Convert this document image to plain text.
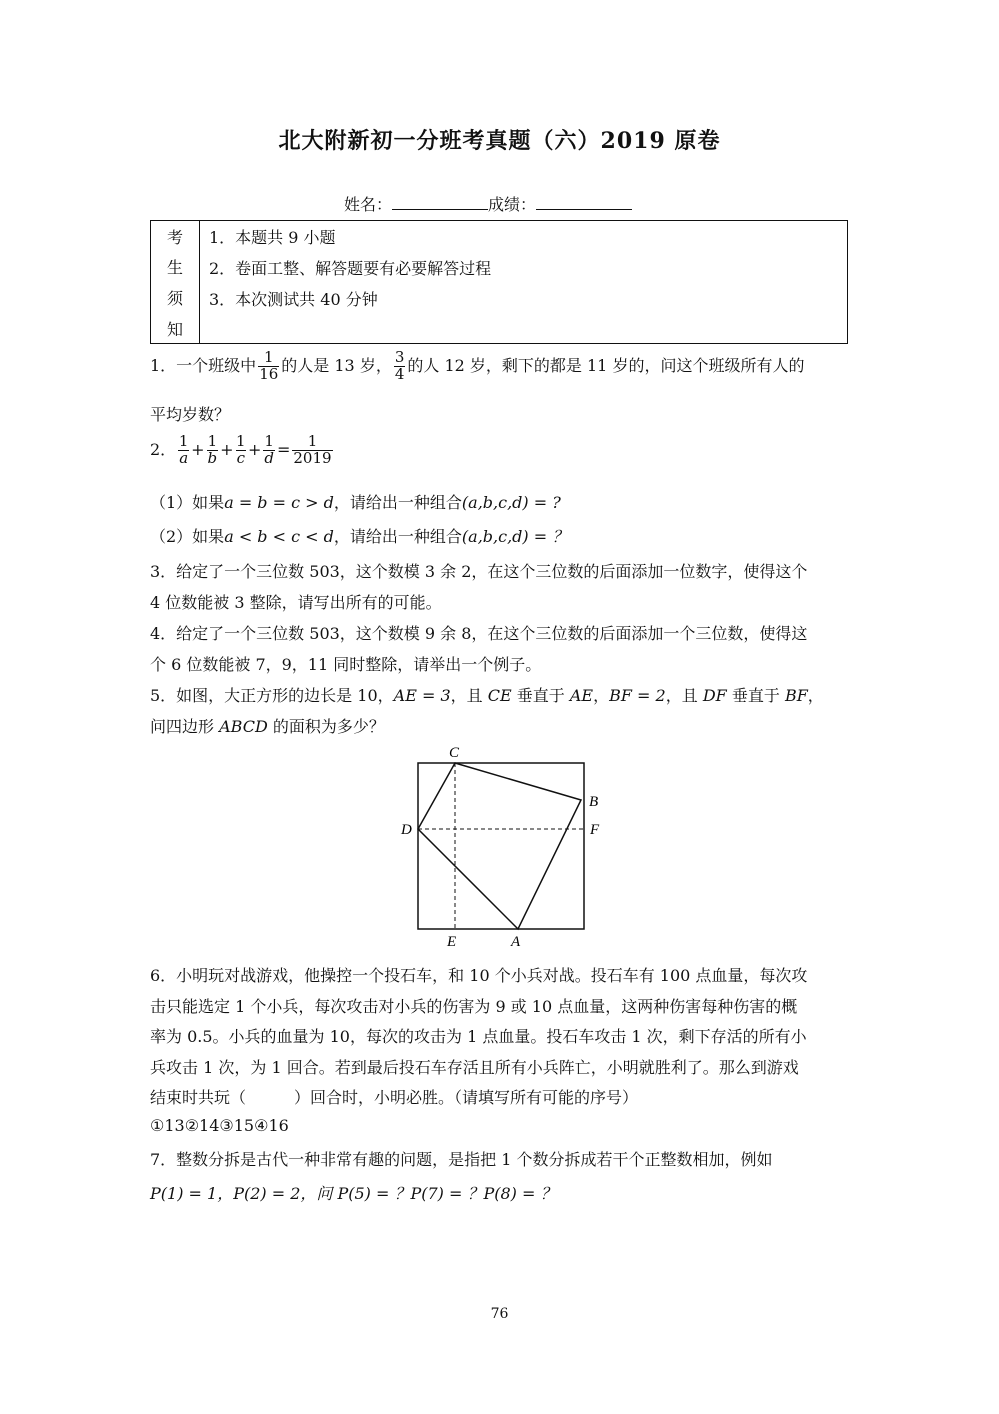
北大附新初一分班考真题（六）2019 原卷
姓名：	成绩：
考
生
须
知
1．本题共 9 小题
2．卷面工整、解答题要有必要解答过程
3．本次测试共 40 分钟
1．一个班级中 $\frac{1}{16}$ 的人是 13 岁， $\frac{3}{4}$ 的人 12 岁，剩下的都是 11 岁的，问这个班级所有人的
平均岁数？
2． $\frac{1}{a} + \frac{1}{b} + \frac{1}{c} + \frac{1}{d} = \frac{1}{2019}$
（1）如果a = b = c > d，请给出一种组合(a,b,c,d) = ?
（2）如果a < b < c < d，请给出一种组合(a,b,c,d) = ？
3．给定了一个三位数 503，这个数模 3 余 2，在这个三位数的后面添加一位数字，使得这个
4 位数能被 3 整除，请写出所有的可能。
4．给定了一个三位数 503，这个数模 9 余 8，在这个三位数的后面添加一个三位数，使得这
个 6 位数能被 7，9，11 同时整除，请举出一个例子。
5．如图，大正方形的边长是 10，AE = 3，且 CE 垂直于 AE，BF = 2，且 DF 垂直于 BF，
问四边形 ABCD 的面积为多少？
C
B
D	F
E	A
6．小明玩对战游戏，他操控一个投石车，和 10 个小兵对战。投石车有 100 点血量，每次攻
击只能选定 1 个小兵，每次攻击对小兵的伤害为 9 或 10 点血量，这两种伤害每种伤害的概
率为 0.5。小兵的血量为 10，每次的攻击为 1 点血量。投石车攻击 1 次，剩下存活的所有小
兵攻击 1 次，为 1 回合。若到最后投石车存活且所有小兵阵亡，小明就胜利了。那么到游戏
结束时共玩（　　　）回合时，小明必胜。（请填写所有可能的序号）
①13②14③15④16
7．整数分拆是古代一种非常有趣的问题，是指把 1 个数分拆成若干个正整数相加，例如
P(1) = 1，P(2) = 2，问 P(5) = ？P(7) = ？P(8) = ？
76
